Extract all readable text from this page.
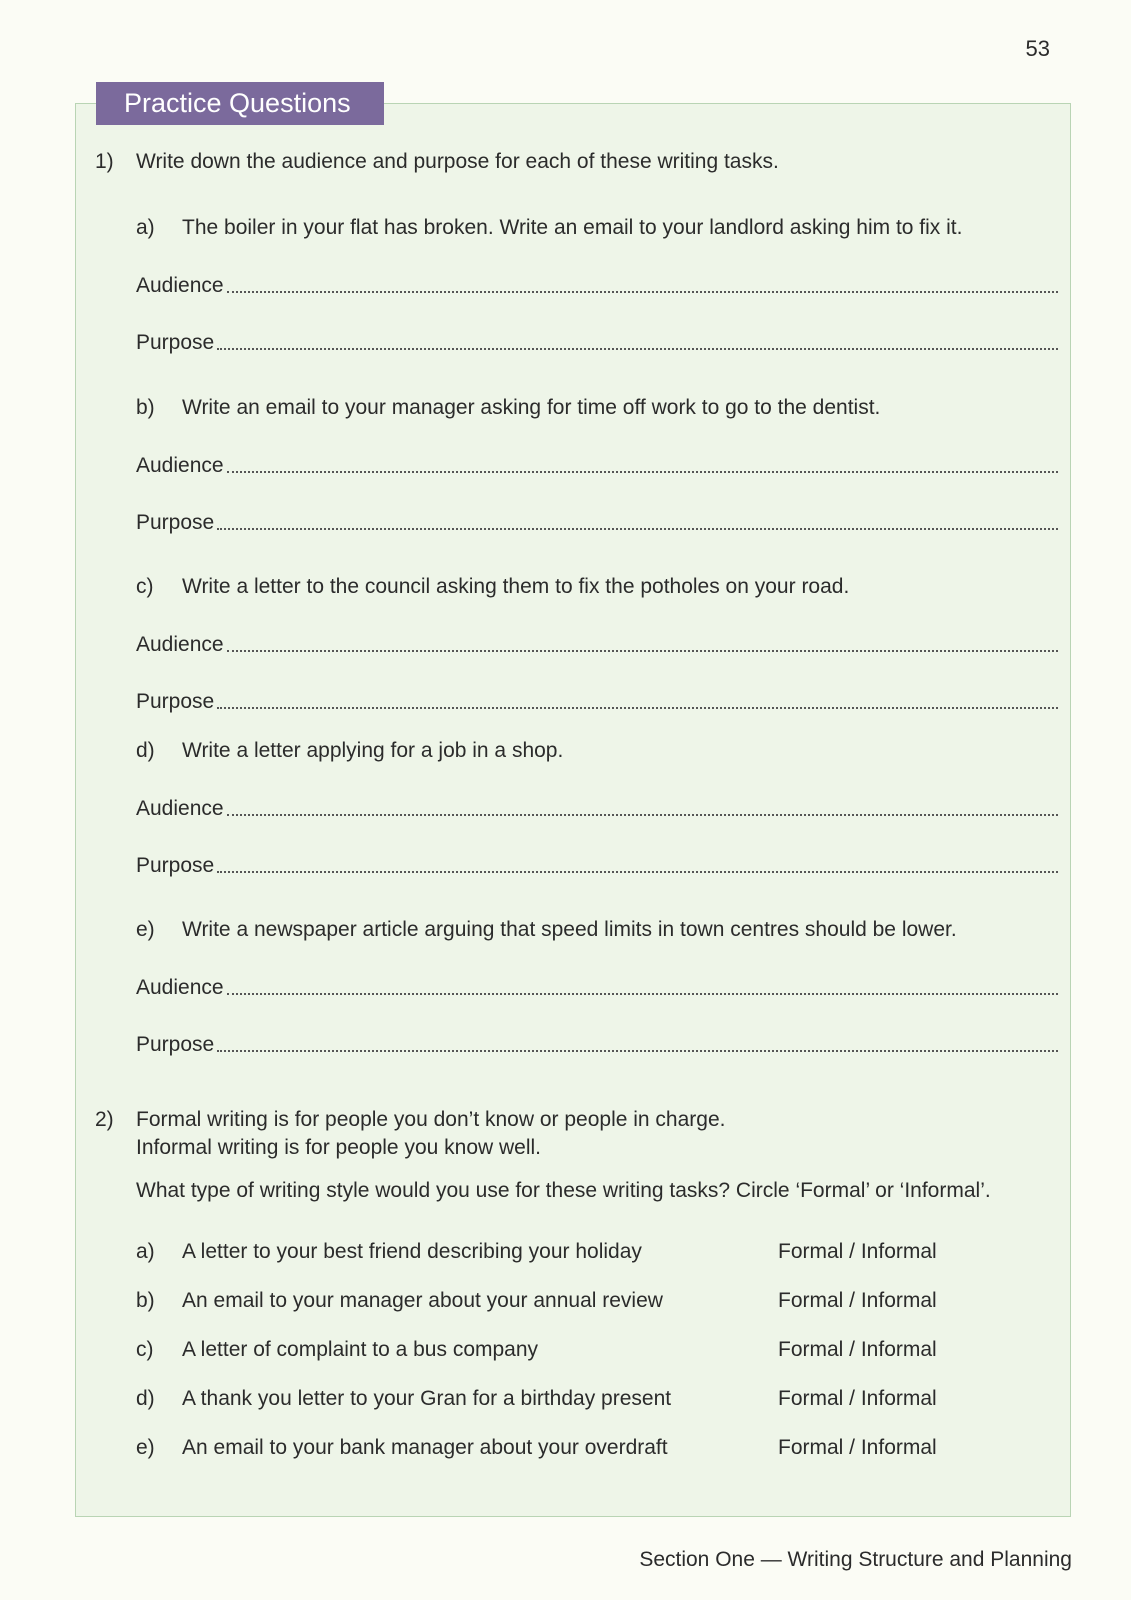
53
Practice Questions
1) Write down the audience and purpose for each of these writing tasks.
a) The boiler in your flat has broken. Write an email to your landlord asking him to fix it.
Audience
Purpose
b) Write an email to your manager asking for time off work to go to the dentist.
Audience
Purpose
c) Write a letter to the council asking them to fix the potholes on your road.
Audience
Purpose
d) Write a letter applying for a job in a shop.
Audience
Purpose
e) Write a newspaper article arguing that speed limits in town centres should be lower.
Audience
Purpose
2) Formal writing is for people you don’t know or people in charge.
Informal writing is for people you know well.
What type of writing style would you use for these writing tasks? Circle ‘Formal’ or ‘Informal’.
a) A letter to your best friend describing your holiday	Formal / Informal
b) An email to your manager about your annual review	Formal / Informal
c) A letter of complaint to a bus company	Formal / Informal
d) A thank you letter to your Gran for a birthday present	Formal / Informal
e) An email to your bank manager about your overdraft	Formal / Informal
Section One — Writing Structure and Planning
